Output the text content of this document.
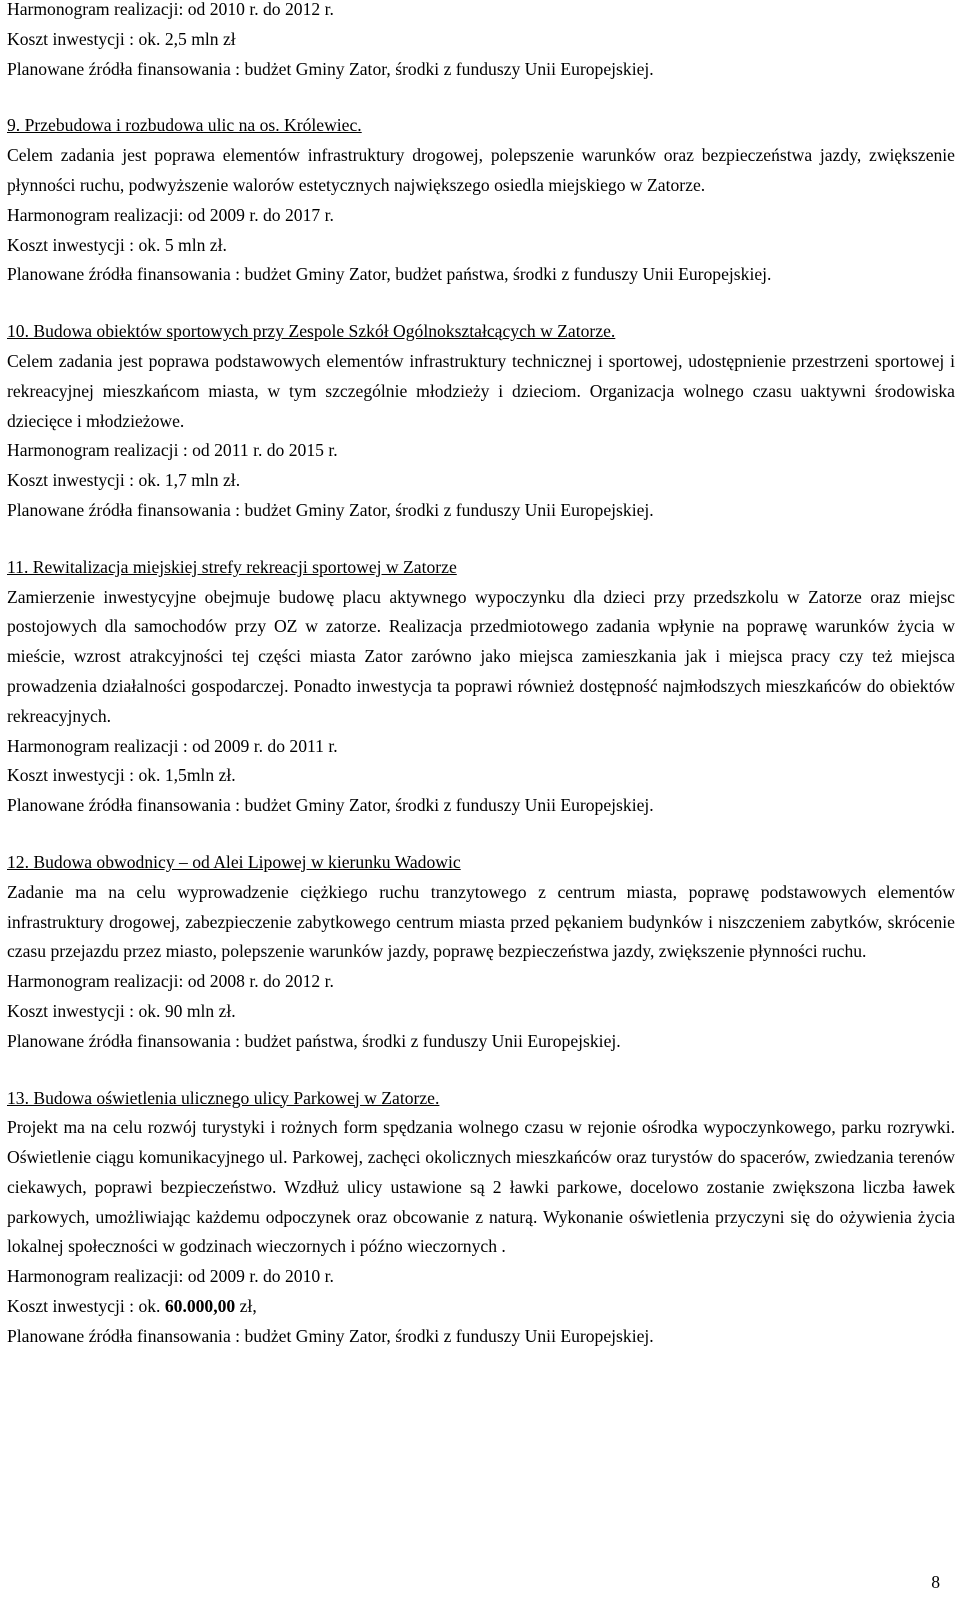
Harmonogram realizacji: od 2010 r. do 2012 r.
Koszt inwestycji : ok. 2,5 mln zł
Planowane źródła finansowania : budżet Gminy Zator, środki z funduszy Unii Europejskiej.
9. Przebudowa i rozbudowa ulic na os. Królewiec.
Celem zadania jest poprawa elementów infrastruktury drogowej, polepszenie warunków oraz bezpieczeństwa jazdy, zwiększenie płynności ruchu, podwyższenie walorów estetycznych największego osiedla miejskiego w Zatorze.
Harmonogram realizacji: od 2009 r. do 2017 r.
Koszt inwestycji : ok. 5 mln zł.
Planowane źródła finansowania : budżet Gminy Zator, budżet państwa, środki z funduszy Unii Europejskiej.
10. Budowa obiektów sportowych przy Zespole Szkół Ogólnokształcących w Zatorze.
Celem zadania jest poprawa podstawowych elementów infrastruktury technicznej i sportowej, udostępnienie przestrzeni sportowej i rekreacyjnej mieszkańcom miasta, w tym szczególnie młodzieży i dzieciom. Organizacja wolnego czasu uaktywni środowiska dziecięce i młodzieżowe.
Harmonogram realizacji : od 2011 r. do 2015 r.
Koszt inwestycji : ok. 1,7 mln zł.
Planowane źródła finansowania : budżet Gminy Zator, środki z funduszy Unii Europejskiej.
11. Rewitalizacja miejskiej strefy rekreacji sportowej w Zatorze
Zamierzenie inwestycyjne obejmuje budowę placu aktywnego wypoczynku dla dzieci przy przedszkolu w Zatorze oraz miejsc postojowych dla samochodów przy OZ w zatorze. Realizacja przedmiotowego zadania wpłynie na poprawę warunków życia w mieście, wzrost atrakcyjności tej części miasta Zator zarówno jako miejsca zamieszkania jak i miejsca pracy czy też miejsca prowadzenia działalności gospodarczej. Ponadto inwestycja ta poprawi również dostępność najmłodszych mieszkańców do obiektów rekreacyjnych.
Harmonogram realizacji : od 2009 r. do 2011 r.
Koszt inwestycji : ok. 1,5mln zł.
Planowane źródła finansowania : budżet Gminy Zator, środki z funduszy Unii Europejskiej.
12. Budowa obwodnicy – od Alei Lipowej w kierunku Wadowic
Zadanie ma na celu wyprowadzenie ciężkiego ruchu tranzytowego z centrum miasta, poprawę podstawowych elementów infrastruktury drogowej, zabezpieczenie zabytkowego centrum miasta przed pękaniem budynków i niszczeniem zabytków, skrócenie czasu przejazdu przez miasto, polepszenie warunków jazdy, poprawę bezpieczeństwa jazdy, zwiększenie płynności ruchu.
Harmonogram realizacji: od 2008 r. do 2012 r.
Koszt inwestycji : ok. 90 mln zł.
Planowane źródła finansowania : budżet państwa, środki z funduszy Unii Europejskiej.
13. Budowa oświetlenia ulicznego ulicy Parkowej w Zatorze.
Projekt ma na celu rozwój turystyki i rożnych form spędzania wolnego czasu w rejonie ośrodka wypoczynkowego, parku rozrywki. Oświetlenie ciągu komunikacyjnego ul. Parkowej, zachęci okolicznych mieszkańców oraz turystów do spacerów, zwiedzania terenów ciekawych, poprawi bezpieczeństwo. Wzdłuż ulicy ustawione są 2 ławki parkowe, docelowo zostanie zwiększona liczba ławek parkowych, umożliwiając każdemu odpoczynek oraz obcowanie z naturą. Wykonanie oświetlenia przyczyni się do ożywienia życia lokalnej społeczności w godzinach wieczornych i późno wieczornych .
Harmonogram realizacji: od 2009 r. do 2010 r.
Koszt inwestycji : ok. 60.000,00 zł,
Planowane źródła finansowania : budżet Gminy Zator, środki z funduszy Unii Europejskiej.
8
